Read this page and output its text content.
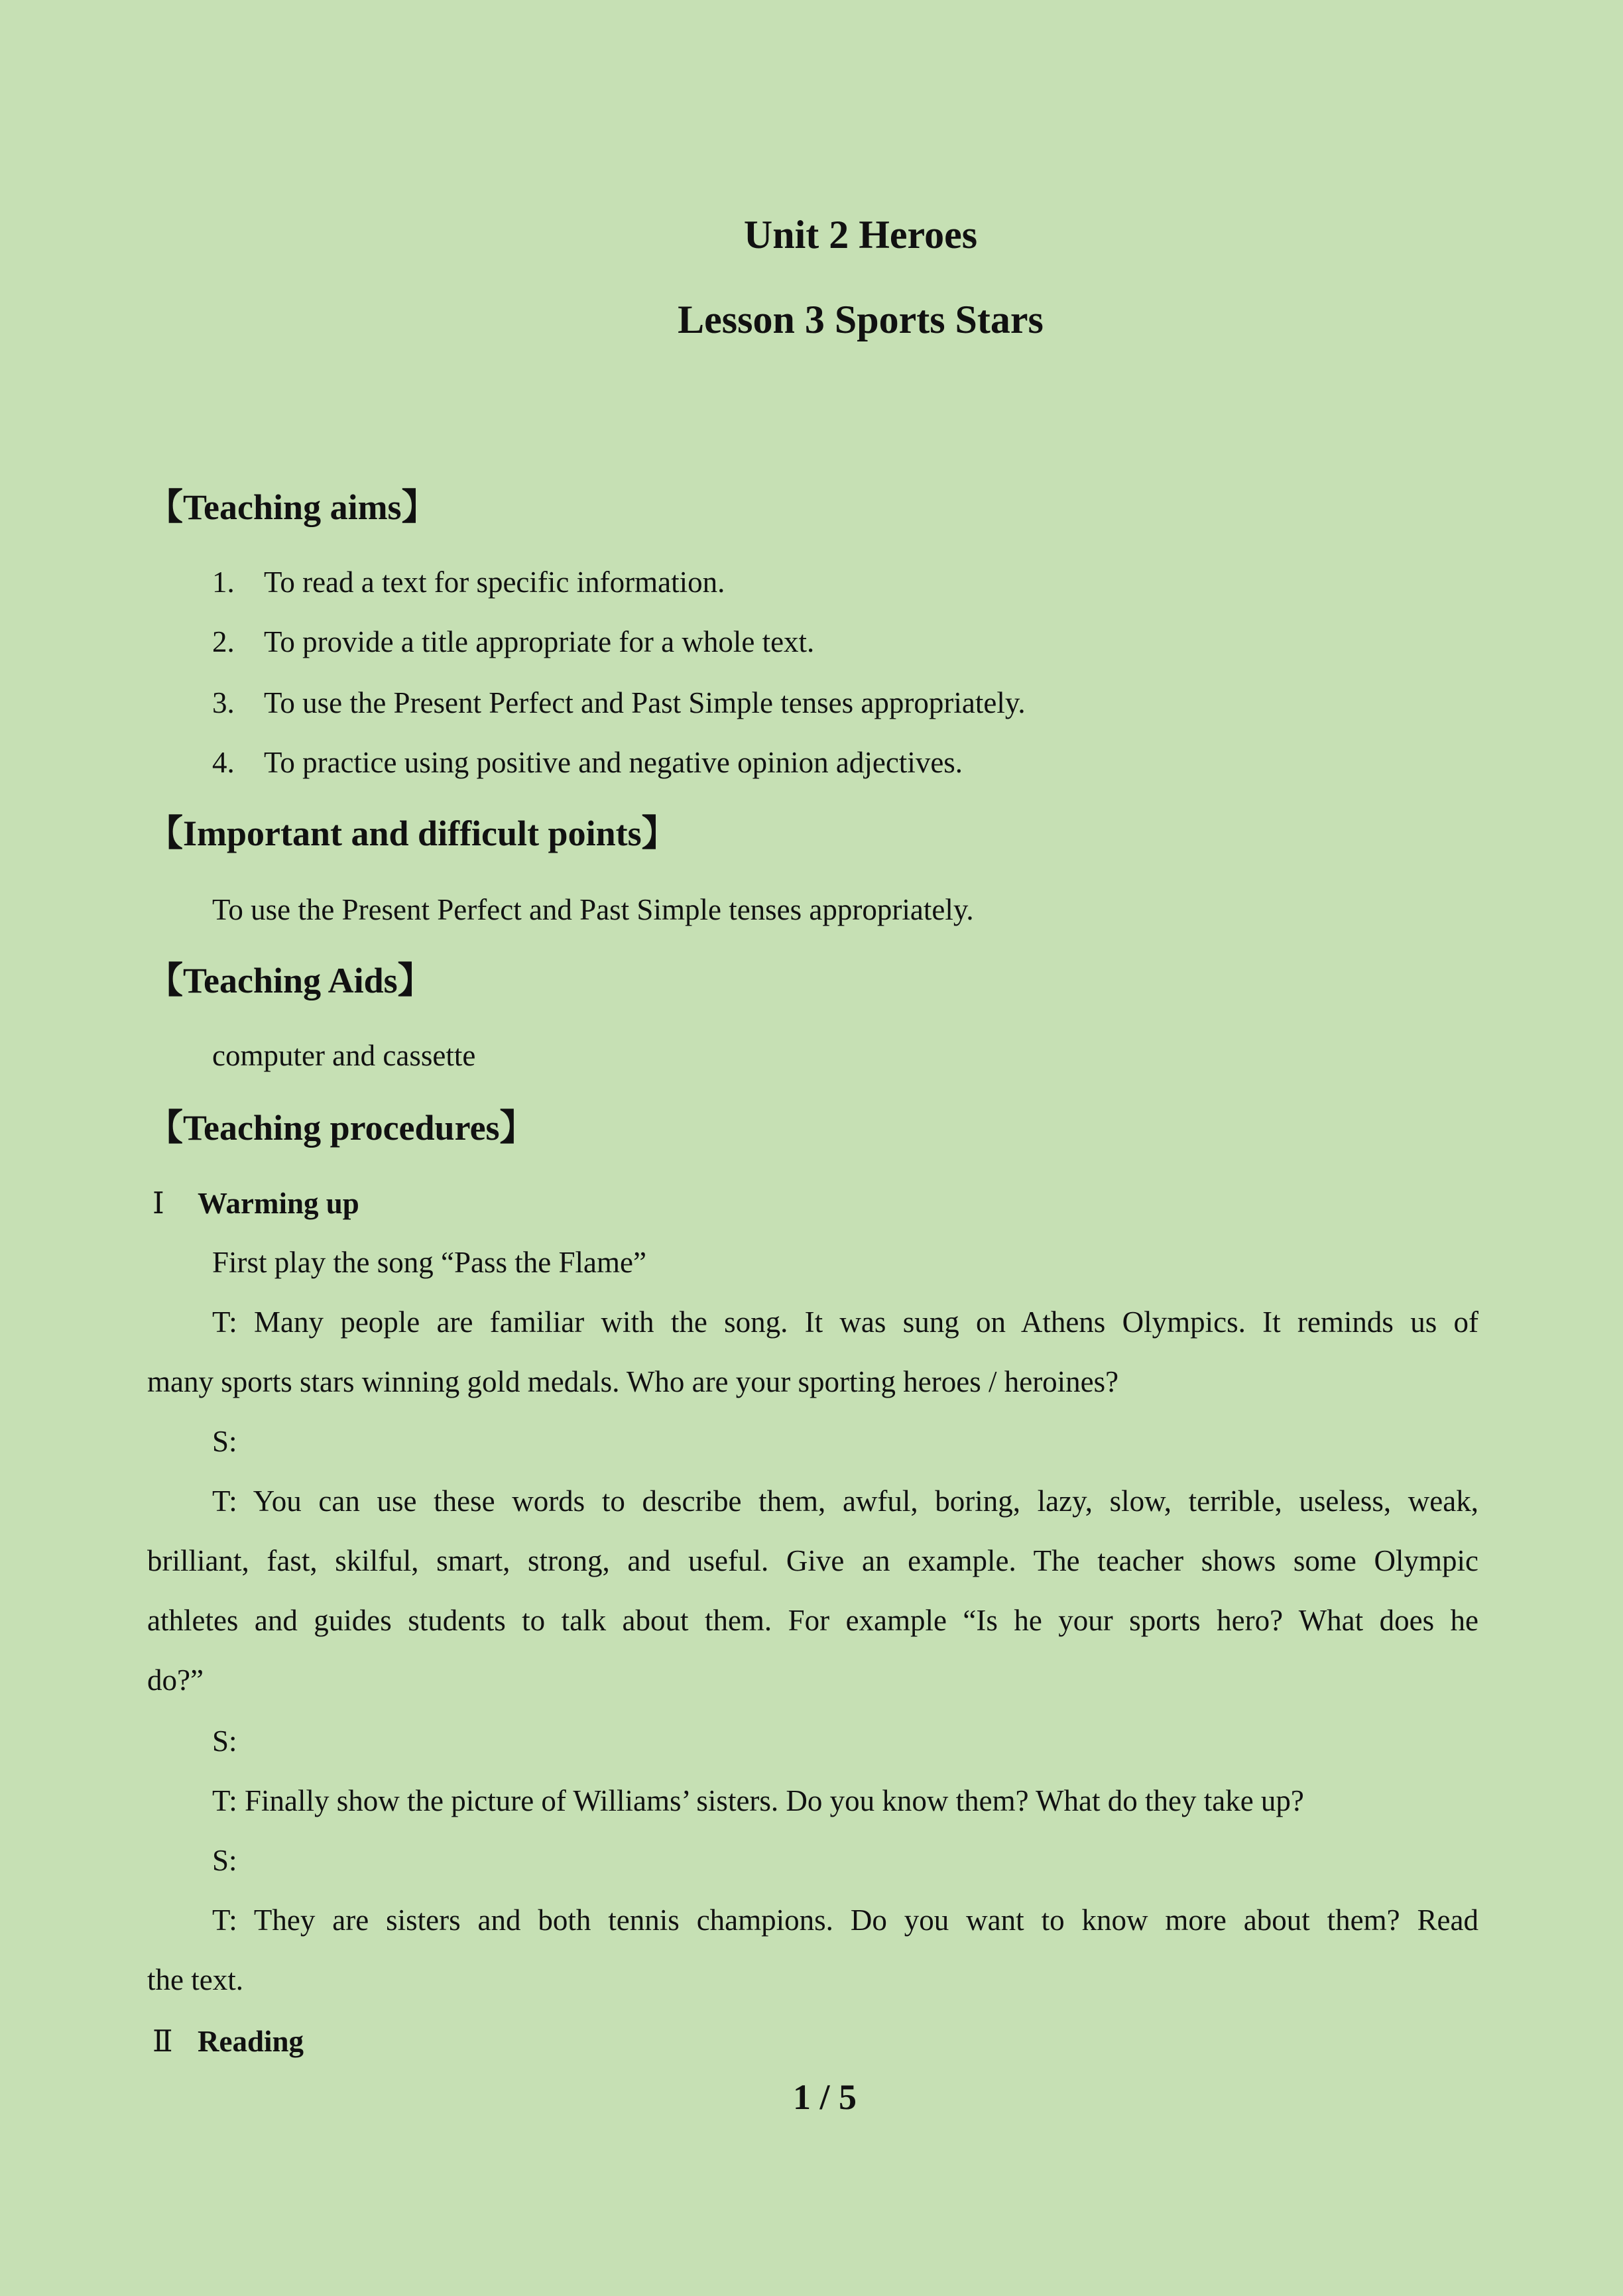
Unit 2 Heroes
Lesson 3 Sports Stars
【Teaching aims】
1. To read a text for specific information.
2. To provide a title appropriate for a whole text.
3. To use the Present Perfect and Past Simple tenses appropriately.
4. To practice using positive and negative opinion adjectives.
【Important and difficult points】
To use the Present Perfect and Past Simple tenses appropriately.
【Teaching Aids】
computer and cassette
【Teaching procedures】
Ⅰ Warming up
First play the song “Pass the Flame”
T: Many people are familiar with the song. It was sung on Athens Olympics. It reminds us of
many sports stars winning gold medals. Who are your sporting heroes / heroines?
S:
T: You can use these words to describe them, awful, boring, lazy, slow, terrible, useless, weak,
brilliant, fast, skilful, smart, strong, and useful. Give an example. The teacher shows some Olympic
athletes and guides students to talk about them. For example “Is he your sports hero? What does he
do?”
S:
T: Finally show the picture of Williams’ sisters. Do you know them? What do they take up?
S:
T: They are sisters and both tennis champions. Do you want to know more about them? Read
the text.
Ⅱ Reading
1 / 5
